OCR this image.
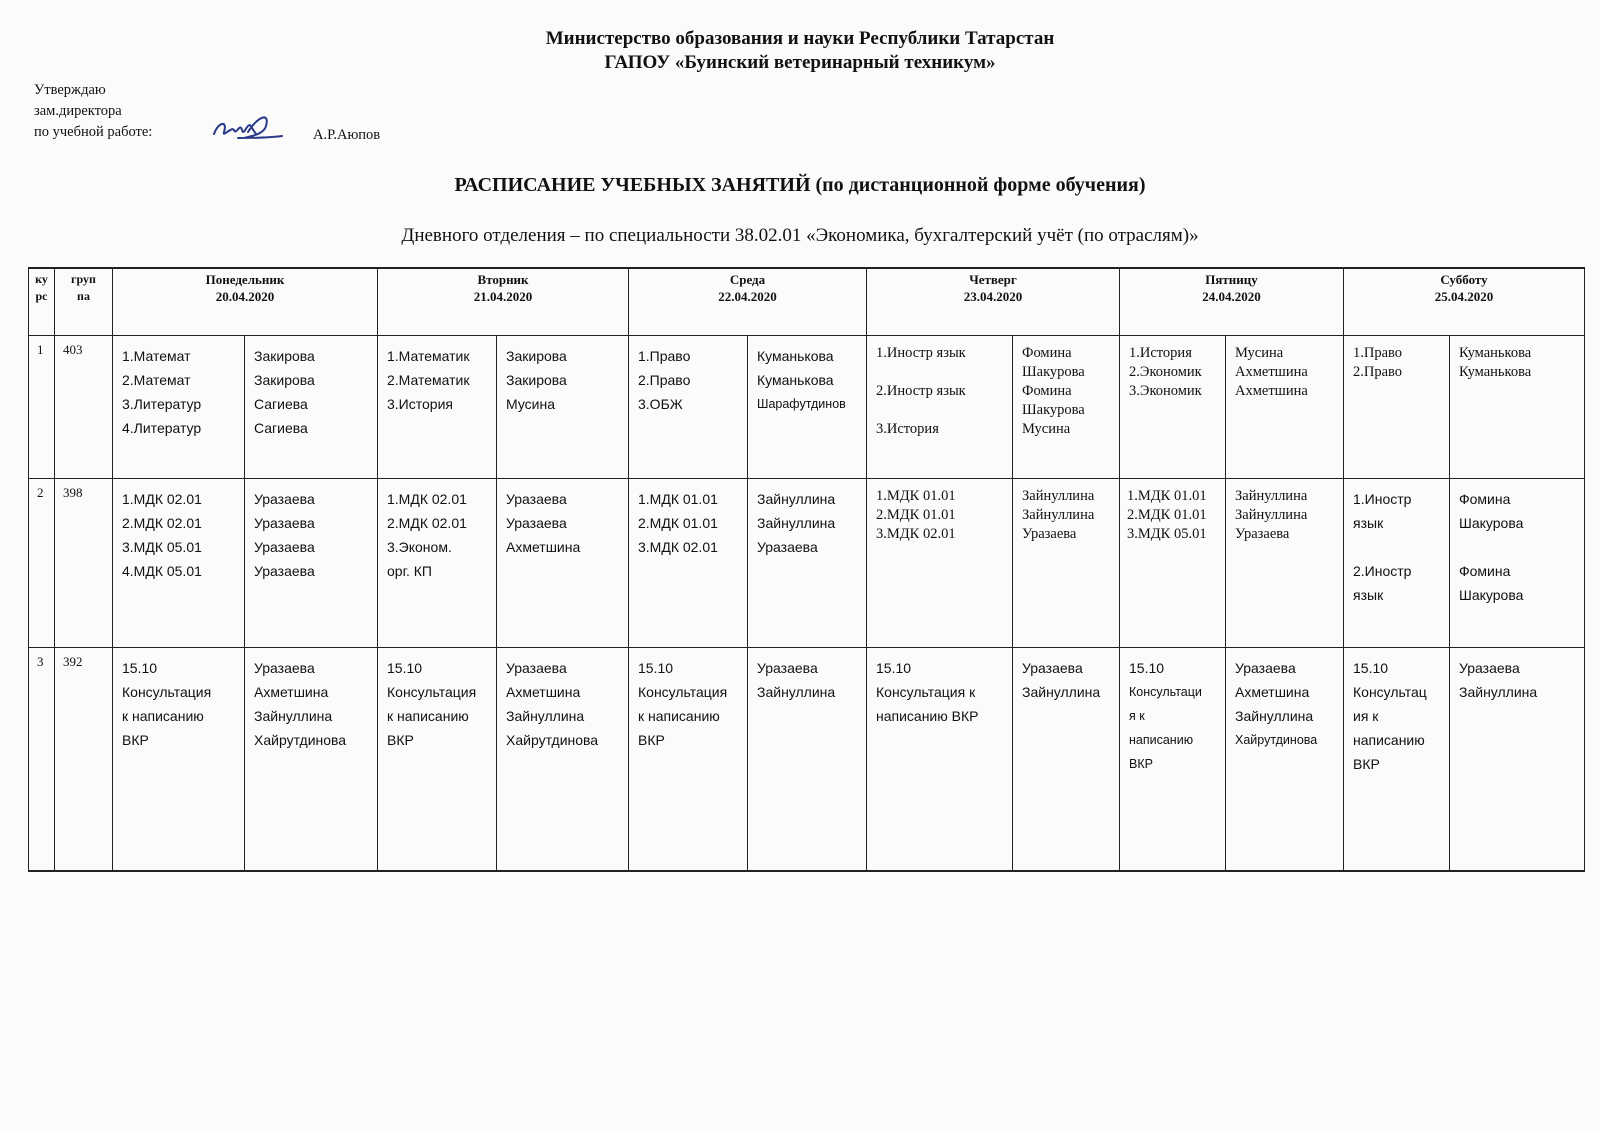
Министерство образования и науки Республики Татарстан
ГАПОУ «Буинский ветеринарный техникум»
Утверждаю
зам.директора
по учебной работе:	А.Р.Аюпов
РАСПИСАНИЕ УЧЕБНЫХ ЗАНЯТИЙ (по дистанционной форме обучения)
Дневного отделения – по специальности 38.02.01 «Экономика, бухгалтерский учёт (по отраслям)»
ку
рс	груп
па	Понедельник
20.04.2020		Вторник
21.04.2020		Среда
22.04.2020		Четверг
23.04.2020		Пятницу
24.04.2020		Субботу
25.04.2020	
1	403	1.Математ
2.Математ
3.Литератур
4.Литератур	Закирова
Закирова
Сагиева
Сагиева	1.Математик
2.Математик
3.История	Закирова
Закирова
Мусина	1.Право
2.Право
3.ОБЖ	Куманькова
Куманькова
Шарафутдинов	1.Иностр язык

2.Иностр язык

3.История	Фомина
Шакурова
Фомина
Шакурова
Мусина	1.История
2.Экономик
3.Экономик	Мусина
Ахметшина
Ахметшина	1.Право
2.Право	Куманькова
Куманькова

2	398	1.МДК 02.01
2.МДК 02.01
3.МДК 05.01
4.МДК 05.01	Уразаева
Уразаева
Уразаева
Уразаева	1.МДК 02.01
2.МДК 02.01
3.Эконом.
орг. КП	Уразаева
Уразаева
Ахметшина	1.МДК 01.01
2.МДК 01.01
3.МДК 02.01	Зайнуллина
Зайнуллина
Уразаева	1.МДК 01.01
2.МДК 01.01
3.МДК 02.01	Зайнуллина
Зайнуллина
Уразаева	1.МДК 01.01
2.МДК 01.01
3.МДК 05.01	Зайнуллина
Зайнуллина
Уразаева	1.Иностр
язык

2.Иностр
язык	Фомина
Шакурова

Фомина
Шакурова

3	392	15.10
Консультация
к написанию
ВКР	Уразаева
Ахметшина
Зайнуллина
Хайрутдинова	15.10
Консультация
к написанию
ВКР	Уразаева
Ахметшина
Зайнуллина
Хайрутдинова	15.10
Консультация
к написанию
ВКР	Уразаева
Зайнуллина	15.10
Консультация к
написанию ВКР	Уразаева
Зайнуллина	15.10
Консультаци
я к
написанию
ВКР	Уразаева
Ахметшина
Зайнуллина
Хайрутдинова	15.10
Консультац
ия к
написанию
ВКР	Уразаева
Зайнуллина
